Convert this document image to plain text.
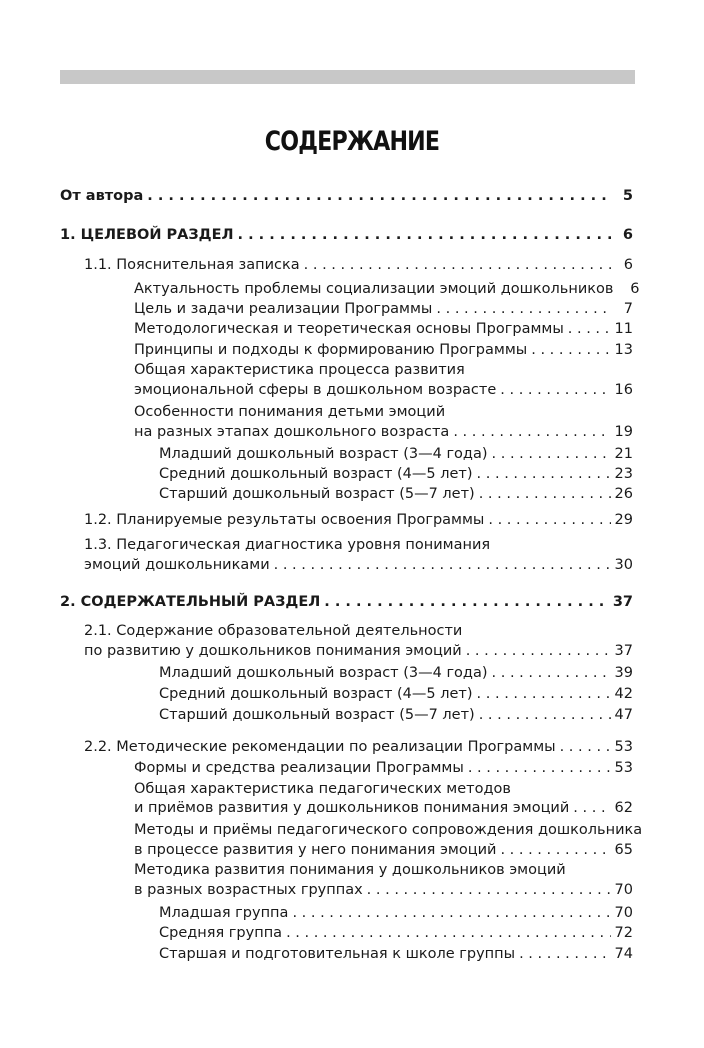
СОДЕРЖАНИЕ
От автора . . .	5
1. ЦЕЛЕВОЙ РАЗДЕЛ . . .	6
1.1. Пояснительная записка . . .	6
Актуальность проблемы социализации эмоций дошкольников	6
Цель и задачи реализации Программы . . .	7
Методологическая и теоретическая основы Программы . . .	11
Принципы и подходы к формированию Программы . . .	13
Общая характеристика процесса развития
эмоциональной сферы в дошкольном возрасте . . .	16
Особенности понимания детьми эмоций
на разных этапах дошкольного возраста . . .	19
Младший дошкольный возраст (3—4 года) . . .	21
Средний дошкольный возраст (4—5 лет) . . .	23
Старший дошкольный возраст (5—7 лет) . . .	26
1.2. Планируемые результаты освоения Программы . . .	29
1.3. Педагогическая диагностика уровня понимания
эмоций дошкольниками . . .	30
2. СОДЕРЖАТЕЛЬНЫЙ РАЗДЕЛ . . .	37
2.1. Содержание образовательной деятельности
по развитию у дошкольников понимания эмоций . . .	37
Младший дошкольный возраст (3—4 года) . . .	39
Средний дошкольный возраст (4—5 лет) . . .	42
Старший дошкольный возраст (5—7 лет) . . .	47
2.2. Методические рекомендации по реализации Программы . . .	53
Формы и средства реализации Программы . . .	53
Общая характеристика педагогических методов
и приёмов развития у дошкольников понимания эмоций . . .	62
Методы и приёмы педагогического сопровождения дошкольника
в процессе развития у него понимания эмоций . . .	65
Методика развития понимания у дошкольников эмоций
в разных возрастных группах . . .	70
Младшая группа . . .	70
Средняя группа . . .	72
Старшая и подготовительная к школе группы . . .	74
